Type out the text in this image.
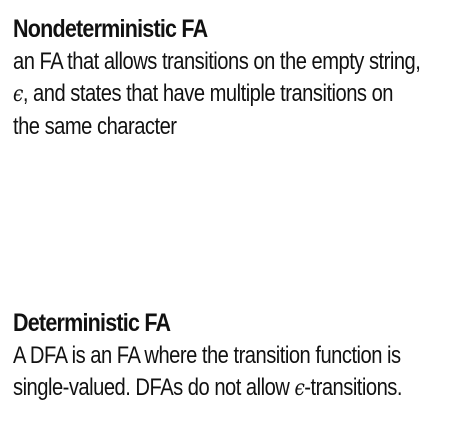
Nondeterministic FA

an FA that allows transitions on the empty string,
ϵ, and states that have multiple transitions on
the same character

Deterministic FA

A DFA is an FA where the transition function is
single-valued. DFAs do not allow ϵ-transitions.
